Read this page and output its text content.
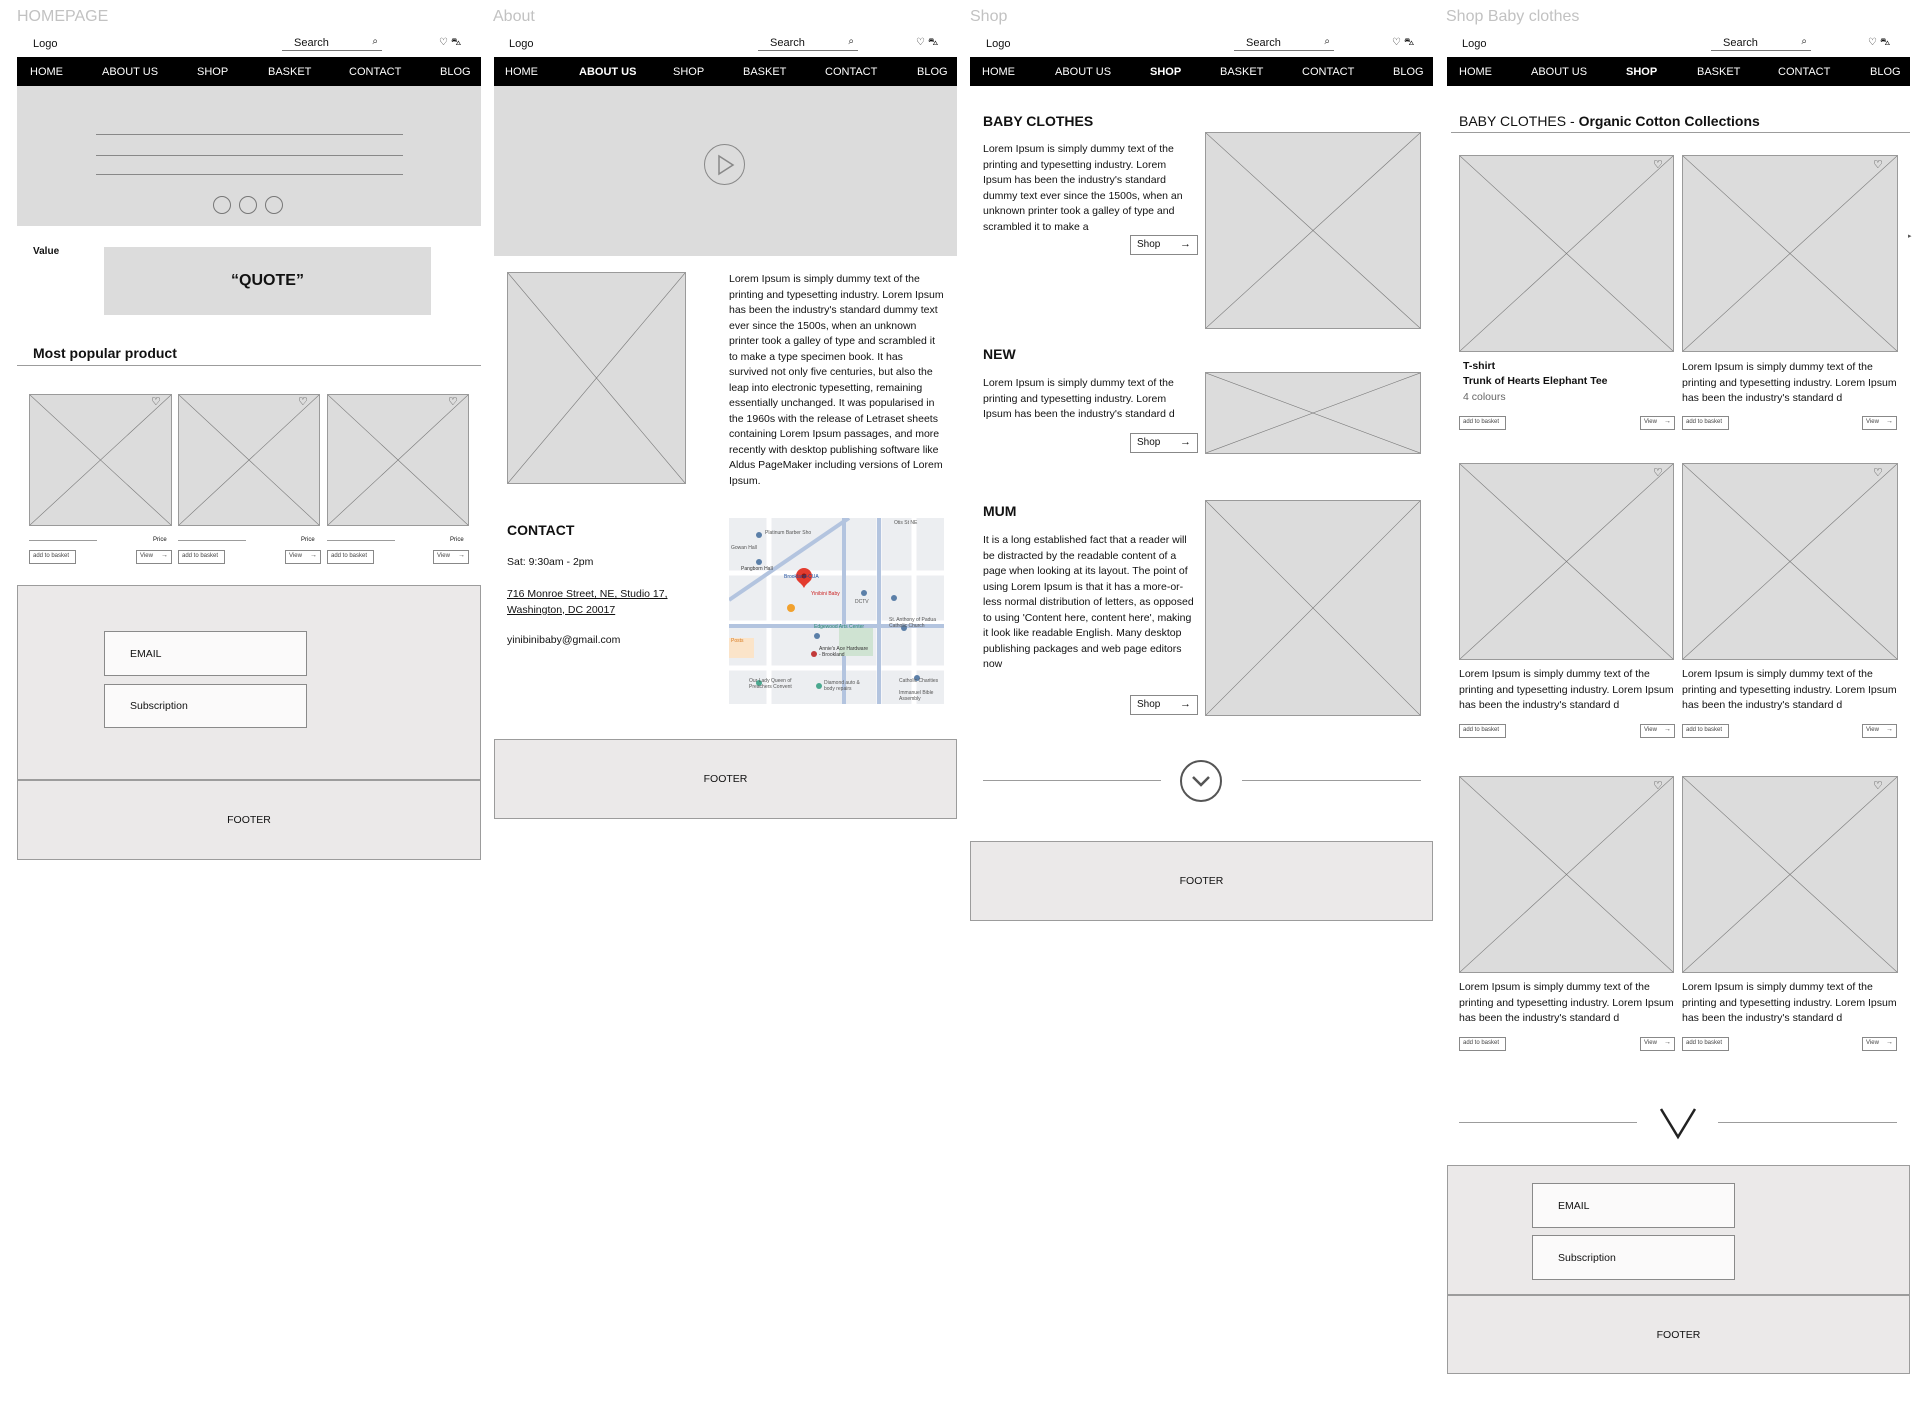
HOMEPAGE	About	Shop	Shop Baby clothes
Logo	Search	⌕	♡⛍	Logo	Search	⌕	♡⛍	Logo	Search	⌕	♡⛍	Logo	Search	⌕	♡⛍
HOME	ABOUT US	SHOP	BASKET	CONTACT	BLOG	HOME	ABOUT US	SHOP	BASKET	CONTACT	BLOG	HOME	ABOUT US	SHOP	BASKET	CONTACT	BLOG	HOME	ABOUT US	SHOP	BASKET	CONTACT	BLOG
Value
“QUOTE”
Most popular product
♡
Price
add to basket	View →
♡
Price
add to basket	View →
♡
Price
add to basket	View →
EMAIL
Subscription
FOOTER
Lorem Ipsum is simply dummy text of the printing and typesetting industry. Lorem Ipsum has been the industry's standard dummy text ever since the 1500s, when an unknown printer took a galley of type and scrambled it to make a type specimen book. It has survived not only five centuries, but also the leap into electronic typesetting, remaining essentially unchanged. It was popularised in the 1960s with the release of Letraset sheets containing Lorem Ipsum passages, and more recently with desktop publishing software like Aldus PageMaker including versions of Lorem Ipsum.
CONTACT
Sat: 9:30am - 2pm
716 Monroe Street, NE, Studio 17, Washington, DC 20017
yinibinibaby@gmail.com
Platinum Barber Sho
Brookland-CUA
Yinibini Baby
Edgewood Arts Center
Annie's Ace Hardware - Brookland
St. Anthony of Padua Catholic Church
Our Lady Queen of Preachers Convent
Diamond auto & body repairs
Catholic Charities
Immanuel Bible Assembly
Pangborn Hall
Gowan Hall
DCTV
Otis St NE
Posts
FOOTER
BABY CLOTHES
Lorem Ipsum is simply dummy text of the printing and typesetting industry. Lorem Ipsum has been the industry's standard dummy text ever since the 1500s, when an unknown printer took a galley of type and scrambled it to make a
Shop →
NEW
Lorem Ipsum is simply dummy text of the printing and typesetting industry. Lorem Ipsum has been the industry's standard d
Shop →
MUM
It is a long established fact that a reader will be distracted by the readable content of a page when looking at its layout. The point of using Lorem Ipsum is that it has a more-or-less normal distribution of letters, as opposed to using 'Content here, content here', making it look like readable English. Many desktop publishing packages and web page editors now
Shop →
FOOTER
BABY CLOTHES - Organic Cotton Collections
♡
T-shirt
Trunk of Hearts Elephant Tee
4 colours
add to basket	View →
♡
Lorem Ipsum is simply dummy text of the printing and typesetting industry. Lorem Ipsum has been the industry's standard d
add to basket	View →
♡
Lorem Ipsum is simply dummy text of the printing and typesetting industry. Lorem Ipsum has been the industry's standard d
add to basket	View →
♡
Lorem Ipsum is simply dummy text of the printing and typesetting industry. Lorem Ipsum has been the industry's standard d
add to basket	View →
♡
Lorem Ipsum is simply dummy text of the printing and typesetting industry. Lorem Ipsum has been the industry's standard d
add to basket	View →
♡
Lorem Ipsum is simply dummy text of the printing and typesetting industry. Lorem Ipsum has been the industry's standard d
add to basket	View →
▸
EMAIL
Subscription
FOOTER
